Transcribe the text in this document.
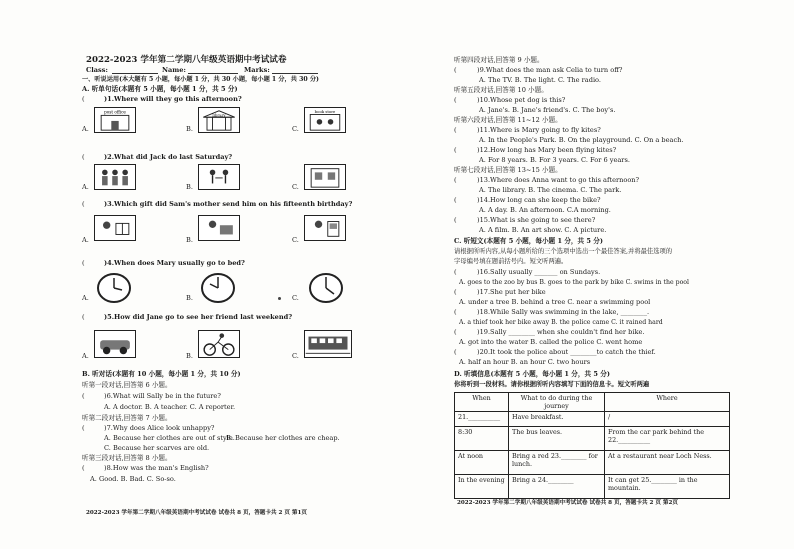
2022-2023 学年第二学期八年级英语期中考试试卷
Class:	Name:	Marks:
一、听说运用(本大题有 5 小题，每小题 1 分，共 30 小题，每小题 1 分，共 30 分)
A. 听单句话(本题有 5 小题，每小题 1 分，共 5 分)
(	)1.Where will they go this afternoon?
A.
post office
B.
library
C.
book store
(	)2.What did Jack do last Saturday?
A.	B.	C.
(	)3.Which gift did Sam's mother send him on his fifteenth birthday?
A.	B.	C.
(	)4.When does Mary usually go to bed?
A.	B.	C.
(	)5.How did Jane go to see her friend last weekend?
A.	B.	C.
B. 听对话(本题有 10 小题，每小题 1 分，共 10 分)
听第一段对话,回答第 6 小题。
(	)6.What will Sally be in the future?
A. A doctor. B. A teacher. C. A reporter.
听第二段对话,回答第 7 小题。
(	)7.Why does Alice look unhappy?
A. Because her clothes are out of style.
B. Because her clothes are cheap.
C. Because her scarves are old.
听第三段对话,回答第 8 小题。
(	)8.How was the man's English?
A. Good. B. Bad. C. So-so.
2022-2023 学年第二学期八年级英语期中考试试卷 试卷共 8 页，答题卡共 2 页 第1页
听第四段对话,回答第 9 小题。
(	)9.What does the man ask Celia to turn off?
A. The TV. B. The light. C. The radio.
听第五段对话,回答第 10 小题。
(	)10.Whose pet dog is this?
A. Jane's. B. Jane's friend's. C. The boy's.
听第六段对话,回答第 11~12 小题。
(	)11.Where is Mary going to fly kites?
A. In the People's Park. B. On the playground. C. On a beach.
(	)12.How long has Mary been flying kites?
A. For 8 years. B. For 3 years. C. For 6 years.
听第七段对话,回答第 13~15 小题。
(	)13.Where does Anna want to go this afternoon?
A. The library. B. The cinema. C. The park.
(	)14.How long can she keep the bike?
A. A day. B. An afternoon. C.A morning.
(	)15.What is she going to see there?
A. A film. B. An art show. C. A picture.
C. 听短文(本题有 5 小题，每小题 1 分，共 5 分)
请根据所听内容,从每小题所给的三个选项中选出一个最佳答案,并将最佳选项的
字母编号填在题前括号内。短文听两遍。
(	)16.Sally usually _______ on Sundays.
A. goes to the zoo by bus B. goes to the park by bike C. swims in the pool
(	)17.She put her bike
A. under a tree B. behind a tree C. near a swimming pool
(	)18.While Sally was swimming in the lake, ________.
A. a thief took her bike away B. the police came C. it rained hard
(	)19.Sally ________ when she couldn't find her bike.
A. got into the water B. called the police C. went home
(	)20.It took the police about ________to catch the thief.
A. half an hour B. an hour C. two hours
D. 听填信息(本题有 5 小题，每小题 1 分，共 5 分)
你将听到一段材料。请你根据所听内容填写下面的信息卡。短文听两遍
When	What to do during the journey	Where
21.__________	Have breakfast.	/
8:30	The bus leaves.	From the car park behind the 22.__________
At noon	Bring a red 23.________ for lunch.	At a restaurant near Loch Ness.
In the evening	Bring a 24.________	It can get 25.________ in the mountain.
2022-2023 学年第二学期八年级英语期中考试试卷 试卷共 8 页，答题卡共 2 页 第2页
